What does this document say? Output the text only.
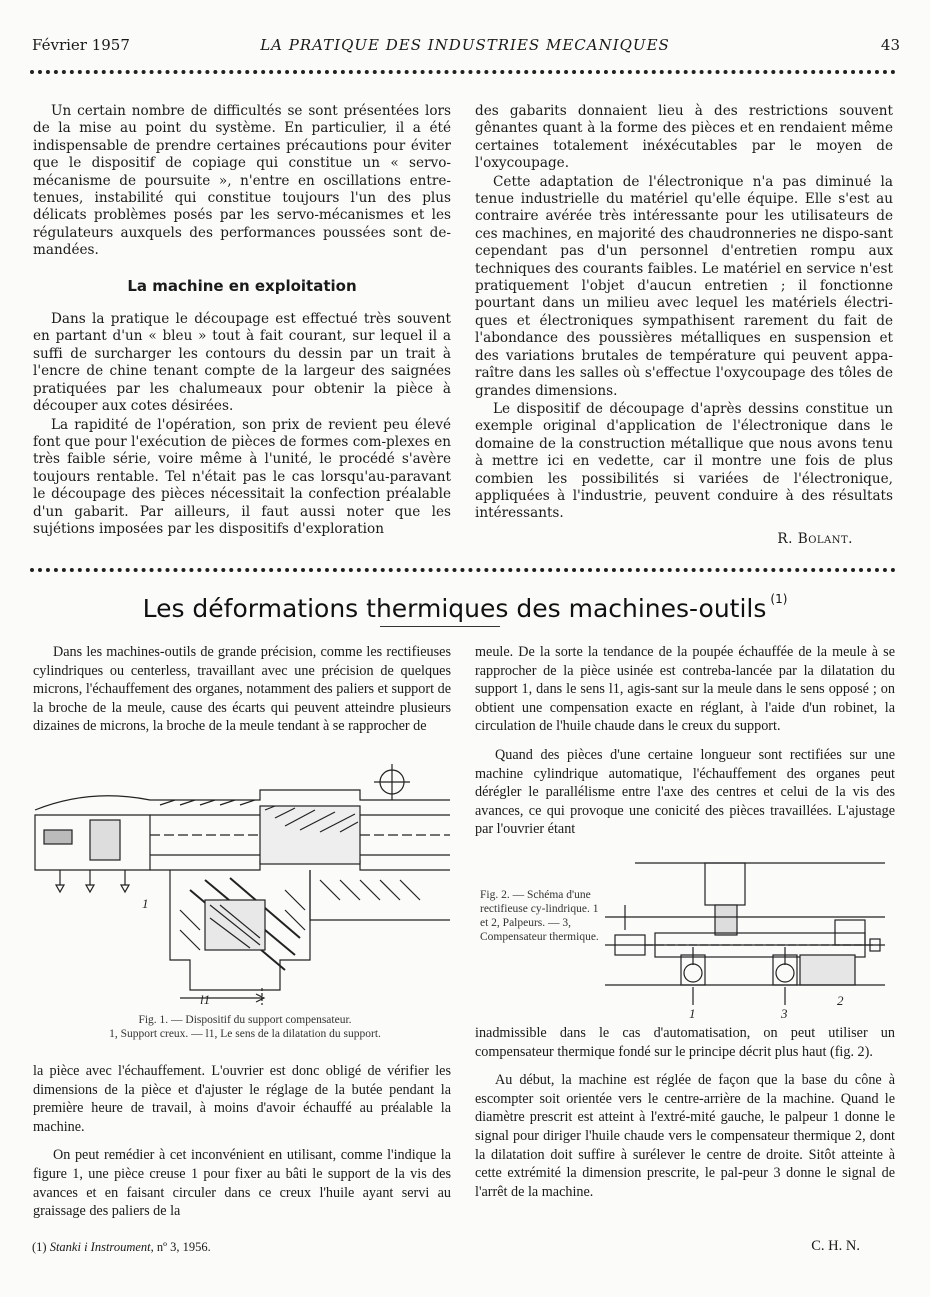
Février 1957	LA PRATIQUE DES INDUSTRIES MECANIQUES	43

Un certain nombre de difficultés se sont présentées lors de la mise au point du système. En particulier, il a été indispensable de prendre certaines précautions pour éviter que le dispositif de copiage qui constitue un « servo-mécanisme de poursuite », n'entre en oscillations entre-tenues, instabilité qui constitue toujours l'un des plus délicats problèmes posés par les servo-mécanismes et les régulateurs auxquels des performances poussées sont de-mandées.

La machine en exploitation

Dans la pratique le découpage est effectué très souvent en partant d'un « bleu » tout à fait courant, sur lequel il a suffi de surcharger les contours du dessin par un trait à l'encre de chine tenant compte de la largeur des saignées pratiquées par les chalumeaux pour obtenir la pièce à découper aux cotes désirées.

La rapidité de l'opération, son prix de revient peu élevé font que pour l'exécution de pièces de formes com-plexes en très faible série, voire même à l'unité, le procédé s'avère toujours rentable. Tel n'était pas le cas lorsqu'au-paravant le découpage des pièces nécessitait la confection préalable d'un gabarit. Par ailleurs, il faut aussi noter que les sujétions imposées par les dispositifs d'exploration

des gabarits donnaient lieu à des restrictions souvent gênantes quant à la forme des pièces et en rendaient même certaines totalement inéxécutables par le moyen de l'oxycoupage.

Cette adaptation de l'électronique n'a pas diminué la tenue industrielle du matériel qu'elle équipe. Elle s'est au contraire avérée très intéressante pour les utilisateurs de ces machines, en majorité des chaudronneries ne dispo-sant cependant pas d'un personnel d'entretien rompu aux techniques des courants faibles. Le matériel en service n'est pratiquement l'objet d'aucun entretien ; il fonctionne pourtant dans un milieu avec lequel les matériels électri-ques et électroniques sympathisent rarement du fait de l'abondance des poussières métalliques en suspension et des variations brutales de température qui peuvent appa-raître dans les salles où s'effectue l'oxycoupage des tôles de grandes dimensions.

Le dispositif de découpage d'après dessins constitue un exemple original d'application de l'électronique dans le domaine de la construction métallique que nous avons tenu à mettre ici en vedette, car il montre une fois de plus combien les possibilités si variées de l'électronique, appliquées à l'industrie, peuvent conduire à des résultats intéressants.

R. Bolant.

Les déformations thermiques des machines-outils $^{(1)}$

Dans les machines-outils de grande précision, comme les rectifieuses cylindriques ou centerless, travaillant avec une précision de quelques microns, l'échauffement des organes, notamment des paliers et support de la broche de la meule, cause des écarts qui peuvent atteindre plusieurs dizaines de microns, la broche de la meule tendant à se rapprocher de

1
l1
Fig. 1. — Dispositif du support compensateur.
1, Support creux. — l1, Le sens de la dilatation du support.

la pièce avec l'échauffement. L'ouvrier est donc obligé de vérifier les dimensions de la pièce et d'ajuster le réglage de la butée pendant la première heure de travail, à moins d'avoir échauffé au préalable la machine.

On peut remédier à cet inconvénient en utilisant, comme l'indique la figure 1, une pièce creuse 1 pour fixer au bâti le support de la vis des avances et en faisant circuler dans ce creux l'huile ayant servi au graissage des paliers de la

meule. De la sorte la tendance de la poupée échauffée de la meule à se rapprocher de la pièce usinée est contreba-lancée par la dilatation du support 1, dans le sens l1, agis-sant sur la meule dans le sens opposé ; on obtient une compensation exacte en réglant, à l'aide d'un robinet, la circulation de l'huile chaude dans le creux du support.

Quand des pièces d'une certaine longueur sont rectifiées sur une machine cylindrique automatique, l'échauffement des organes peut dérégler le parallélisme entre l'axe des centres et celui de la vis des avances, ce qui provoque une conicité des pièces travaillées. L'ajustage par l'ouvrier étant

Fig. 2. — Schéma d'une rectifieuse cy-lindrique. 1 et 2, Palpeurs. — 3, Compensateur thermique.
1	3
2

inadmissible dans le cas d'automatisation, on peut utiliser un compensateur thermique fondé sur le principe décrit plus haut (fig. 2).

Au début, la machine est réglée de façon que la base du cône à escompter soit orientée vers le centre-arrière de la machine. Quand le diamètre prescrit est atteint à l'extré-mité gauche, le palpeur 1 donne le signal pour diriger l'huile chaude vers le compensateur thermique 2, dont la dilatation doit suffire à surélever le centre de droite. Sitôt atteinte à cette extrémité la dimension prescrite, le pal-peur 3 donne le signal de l'arrêt de la machine.

(1) Stanki i Instroument, nº 3, 1956.	C. H. N.
